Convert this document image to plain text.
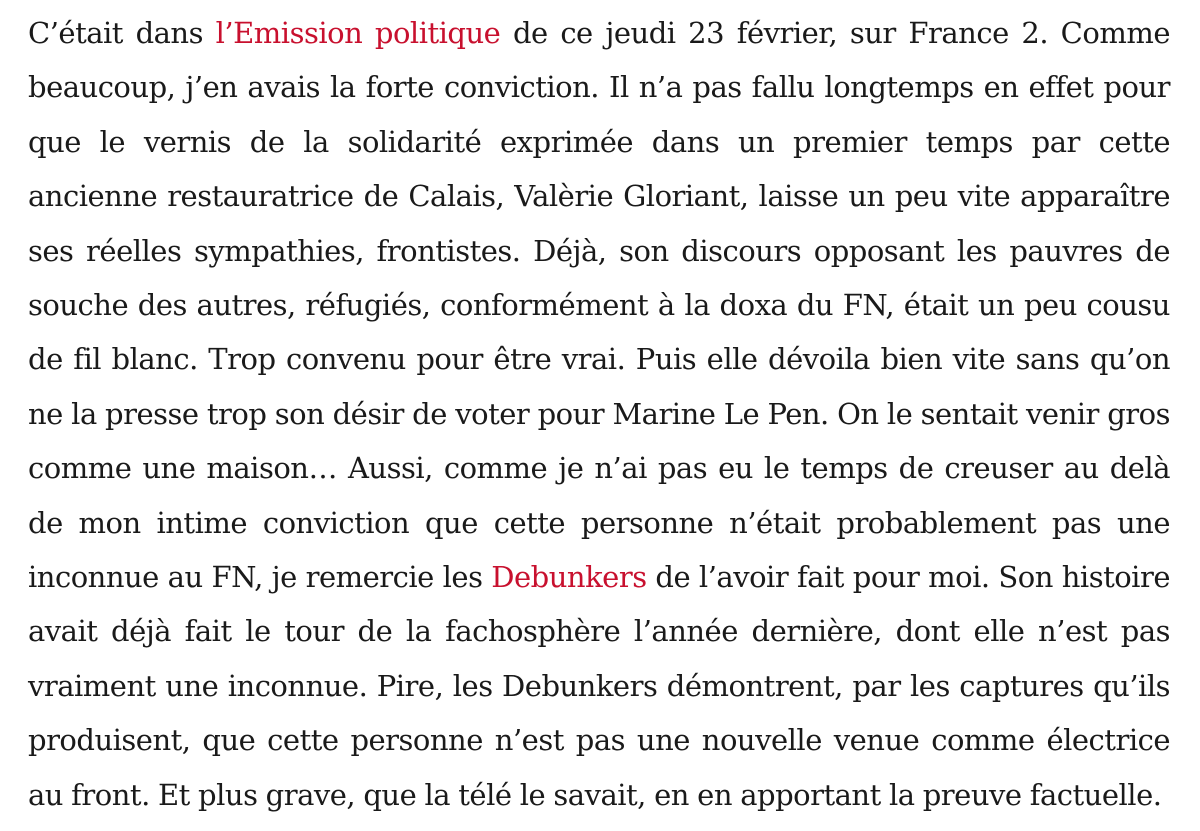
C’était dans l’Emission politique de ce jeudi 23 février, sur France 2. Comme beaucoup, j’en avais la forte conviction. Il n’a pas fallu longtemps en effet pour que le vernis de la solidarité exprimée dans un premier temps par cette ancienne restauratrice de Calais, Valèrie Gloriant, laisse un peu vite apparaître ses réelles sympathies, frontistes. Déjà, son discours opposant les pauvres de souche des autres, réfugiés, conformément à la doxa du FN, était un peu cousu de fil blanc. Trop convenu pour être vrai. Puis elle dévoila bien vite sans qu’on ne la presse trop son désir de voter pour Marine Le Pen. On le sentait venir gros comme une maison… Aussi, comme je n’ai pas eu le temps de creuser au delà de mon intime conviction que cette personne n’était probablement pas une inconnue au FN, je remercie les Debunkers de l’avoir fait pour moi. Son histoire avait déjà fait le tour de la fachosphère l’année dernière, dont elle n’est pas vraiment une inconnue. Pire, les Debunkers démontrent, par les captures qu’ils produisent, que cette personne n’est pas une nouvelle venue comme électrice au front. Et plus grave, que la télé le savait, en en apportant la preuve factuelle.
